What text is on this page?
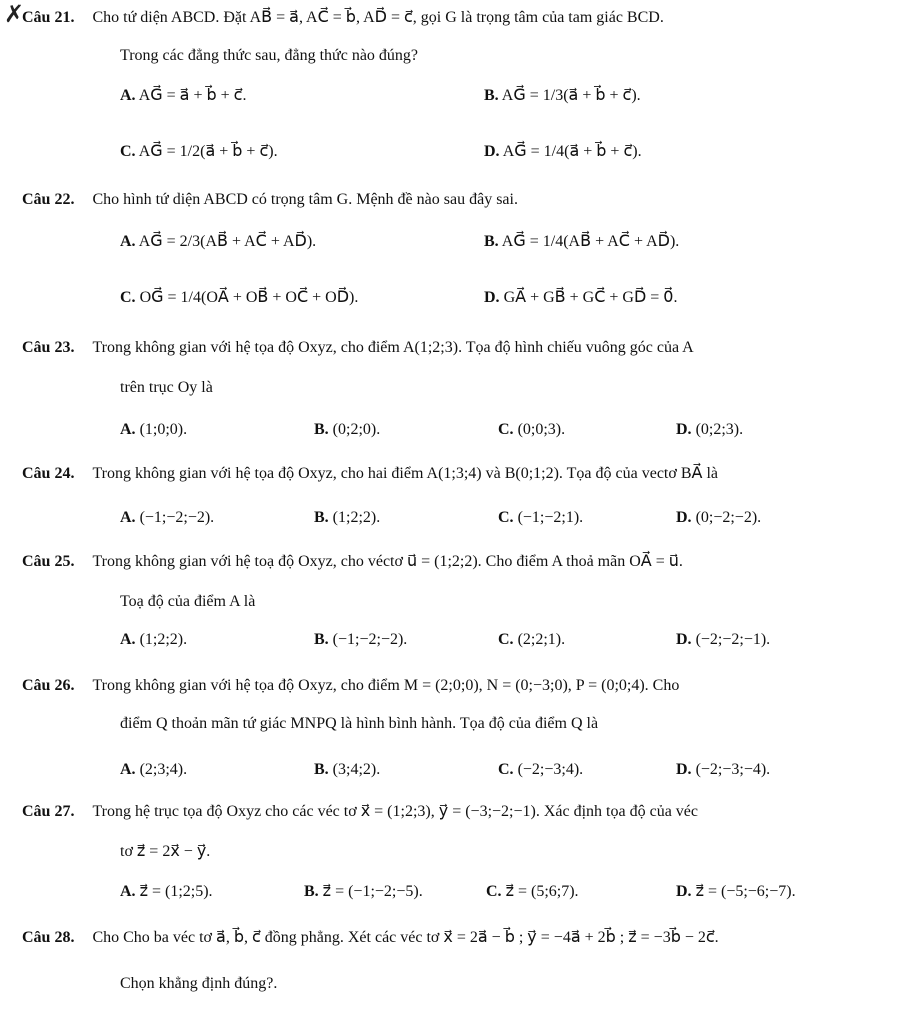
✗
Câu 21. Cho tứ diện ABCD. Đặt AB⃗ = a⃗, AC⃗ = b⃗, AD⃗ = c⃗, gọi G là trọng tâm của tam giác BCD.
Trong các đẳng thức sau, đẳng thức nào đúng?
A. AG⃗ = a⃗ + b⃗ + c⃗.	B. AG⃗ = 1/3(a⃗ + b⃗ + c⃗).
C. AG⃗ = 1/2(a⃗ + b⃗ + c⃗).	D. AG⃗ = 1/4(a⃗ + b⃗ + c⃗).
Câu 22. Cho hình tứ diện ABCD có trọng tâm G. Mệnh đề nào sau đây sai.
A. AG⃗ = 2/3(AB⃗ + AC⃗ + AD⃗).	B. AG⃗ = 1/4(AB⃗ + AC⃗ + AD⃗).
C. OG⃗ = 1/4(OA⃗ + OB⃗ + OC⃗ + OD⃗).	D. GA⃗ + GB⃗ + GC⃗ + GD⃗ = 0⃗.
Câu 23. Trong không gian với hệ tọa độ Oxyz, cho điểm A(1;2;3). Tọa độ hình chiếu vuông góc của A
trên trục Oy là
A. (1;0;0).	B. (0;2;0).	C. (0;0;3).	D. (0;2;3).
Câu 24. Trong không gian với hệ tọa độ Oxyz, cho hai điểm A(1;3;4) và B(0;1;2). Tọa độ của vectơ BA⃗ là
A. (−1;−2;−2).	B. (1;2;2).	C. (−1;−2;1).	D. (0;−2;−2).
Câu 25. Trong không gian với hệ toạ độ Oxyz, cho véctơ u⃗ = (1;2;2). Cho điểm A thoả mãn OA⃗ = u⃗.
Toạ độ của điểm A là
A. (1;2;2).	B. (−1;−2;−2).	C. (2;2;1).	D. (−2;−2;−1).
Câu 26. Trong không gian với hệ tọa độ Oxyz, cho điểm M = (2;0;0), N = (0;−3;0), P = (0;0;4). Cho
điểm Q thoản mãn tứ giác MNPQ là hình bình hành. Tọa độ của điểm Q là
A. (2;3;4).	B. (3;4;2).	C. (−2;−3;4).	D. (−2;−3;−4).
Câu 27. Trong hệ trục tọa độ Oxyz cho các véc tơ x⃗ = (1;2;3), y⃗ = (−3;−2;−1). Xác định tọa độ của véc
tơ z⃗ = 2x⃗ − y⃗.
A. z⃗ = (1;2;5).	B. z⃗ = (−1;−2;−5).	C. z⃗ = (5;6;7).	D. z⃗ = (−5;−6;−7).
Câu 28. Cho Cho ba véc tơ a⃗, b⃗, c⃗ đồng phẳng. Xét các véc tơ x⃗ = 2a⃗ − b⃗ ; y⃗ = −4a⃗ + 2b⃗ ; z⃗ = −3b⃗ − 2c⃗.
Chọn khẳng định đúng?.
